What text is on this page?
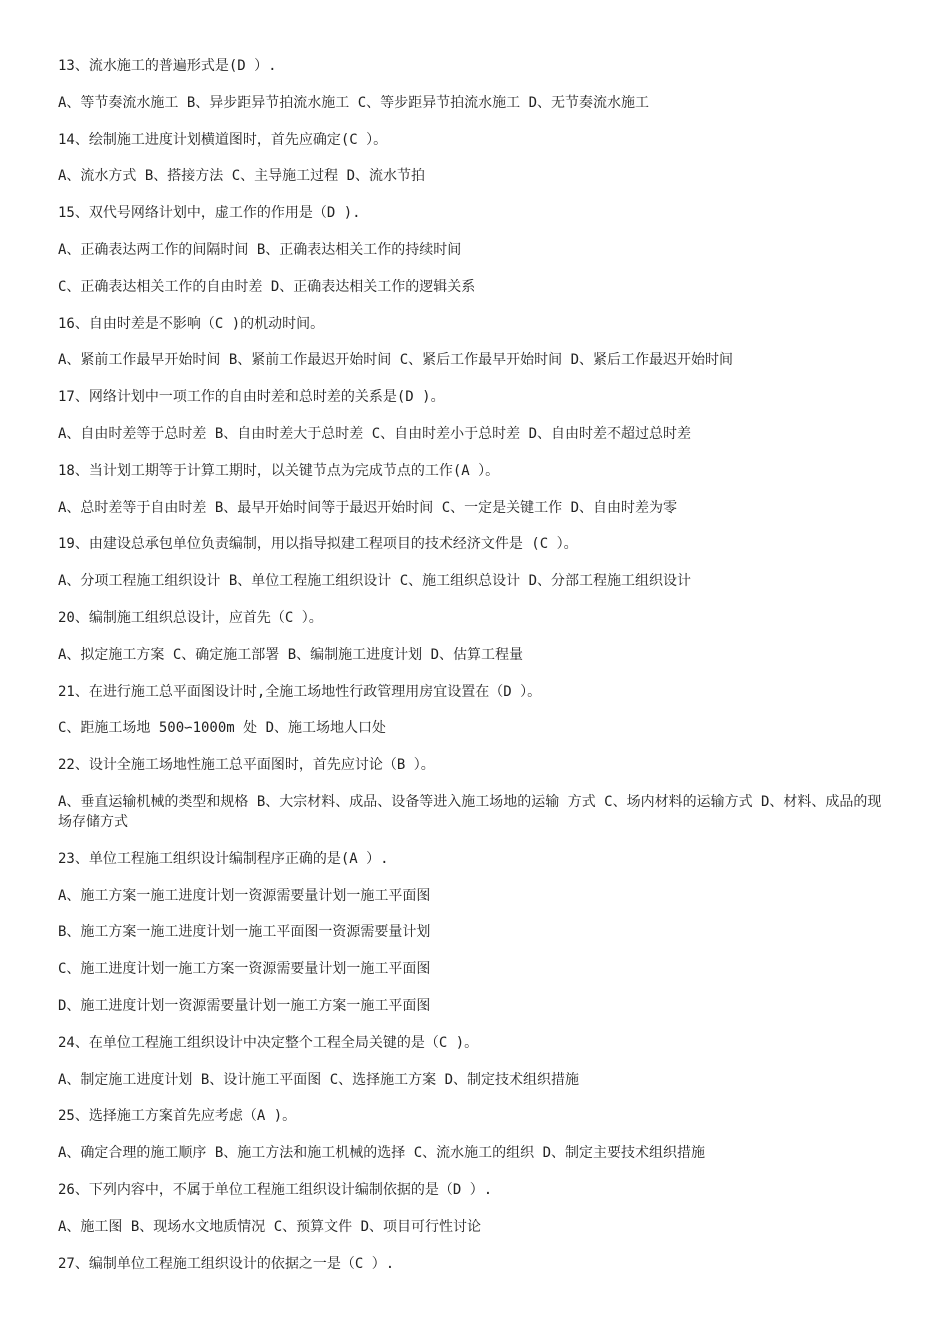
13、流水施工的普遍形式是(D ）.

A、等节奏流水施工 B、异步距异节拍流水施工 C、等步距异节拍流水施工 D、无节奏流水施工

14、绘制施工进度计划横道图时，首先应确定(C ）。

A、流水方式 B、搭接方法 C、主导施工过程 D、流水节拍

15、双代号网络计划中，虚工作的作用是（D ).

A、正确表达两工作的间隔时间 B、正确表达相关工作的持续时间

C、正确表达相关工作的自由时差 D、正确表达相关工作的逻辑关系

16、自由时差是不影响（C )的机动时间。

A、紧前工作最早开始时间 B、紧前工作最迟开始时间 C、紧后工作最早开始时间 D、紧后工作最迟开始时间

17、网络计划中一项工作的自由时差和总时差的关系是(D )。

A、自由时差等于总时差 B、自由时差大于总时差 C、自由时差小于总时差 D、自由时差不超过总时差

18、当计划工期等于计算工期时，以关键节点为完成节点的工作(A ）。

A、总时差等于自由时差 B、最早开始时间等于最迟开始时间 C、一定是关键工作 D、自由时差为零

19、由建设总承包单位负责编制，用以指导拟建工程项目的技术经济文件是 (C ）。

A、分项工程施工组织设计 B、单位工程施工组织设计 C、施工组织总设计 D、分部工程施工组织设计

20、编制施工组织总设计，应首先（C ）。

A、拟定施工方案 C、确定施工部署 B、编制施工进度计划 D、估算工程量

21、在进行施工总平面图设计时,全施工场地性行政管理用房宜设置在（D ）。

C、距施工场地 500∽1000m 处 D、施工场地人口处

22、设计全施工场地性施工总平面图时，首先应讨论（B ）。

A、垂直运输机械的类型和规格 B、大宗材料、成品、设备等进入施工场地的运输 方式 C、场内材料的运输方式 D、材料、成品的现场存储方式

23、单位工程施工组织设计编制程序正确的是(A ）.

A、施工方案一施工进度计划一资源需要量计划一施工平面图

B、施工方案一施工进度计划一施工平面图一资源需要量计划

C、施工进度计划一施工方案一资源需要量计划一施工平面图

D、施工进度计划一资源需要量计划一施工方案一施工平面图

24、在单位工程施工组织设计中决定整个工程全局关键的是（C )。

A、制定施工进度计划 B、设计施工平面图 C、选择施工方案 D、制定技术组织措施

25、选择施工方案首先应考虑（A )。

A、确定合理的施工顺序 B、施工方法和施工机械的选择 C、流水施工的组织 D、制定主要技术组织措施

26、下列内容中，不属于单位工程施工组织设计编制依据的是（D ）.

A、施工图 B、现场水文地质情况 C、预算文件 D、项目可行性讨论

27、编制单位工程施工组织设计的依据之一是（C ）.
